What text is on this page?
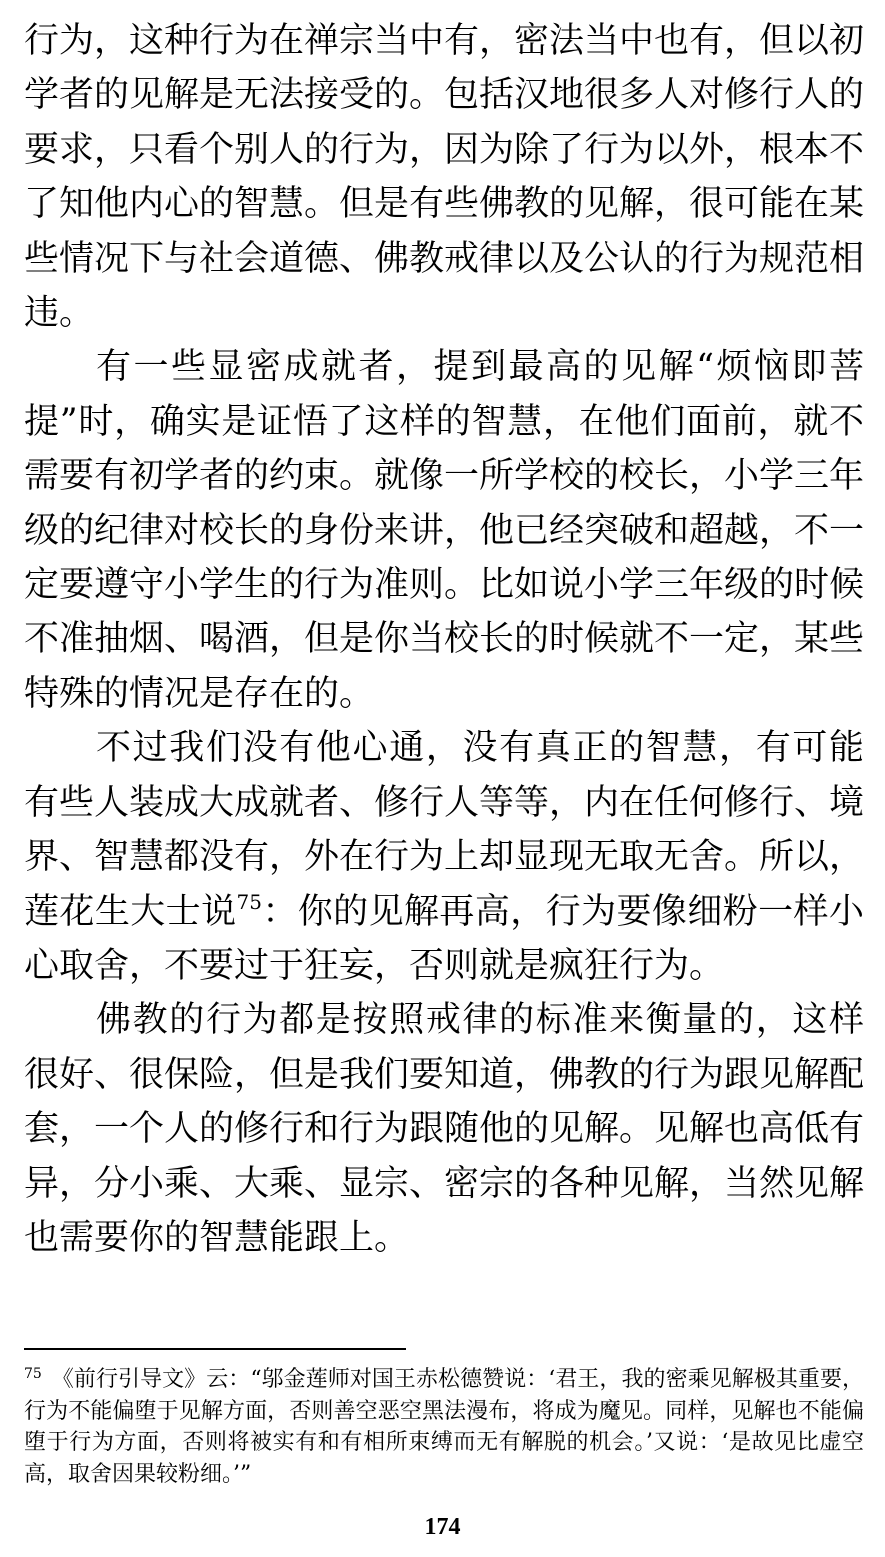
行为，这种行为在禅宗当中有，密法当中也有，但以初学者的见解是无法接受的。包括汉地很多人对修行人的要求，只看个别人的行为，因为除了行为以外，根本不了知他内心的智慧。但是有些佛教的见解，很可能在某些情况下与社会道德、佛教戒律以及公认的行为规范相违。

有一些显密成就者，提到最高的见解“烦恼即菩提”时，确实是证悟了这样的智慧，在他们面前，就不需要有初学者的约束。就像一所学校的校长，小学三年级的纪律对校长的身份来讲，他已经突破和超越，不一定要遵守小学生的行为准则。比如说小学三年级的时候不准抽烟、喝酒，但是你当校长的时候就不一定，某些特殊的情况是存在的。

不过我们没有他心通，没有真正的智慧，有可能有些人装成大成就者、修行人等等，内在任何修行、境界、智慧都没有，外在行为上却显现无取无舍。所以，莲花生大士说$^{75}$：你的见解再高，行为要像细粉一样小心取舍，不要过于狂妄，否则就是疯狂行为。

佛教的行为都是按照戒律的标准来衡量的，这样很好、很保险，但是我们要知道，佛教的行为跟见解配套，一个人的修行和行为跟随他的见解。见解也高低有异，分小乘、大乘、显宗、密宗的各种见解，当然见解也需要你的智慧能跟上。

$^{75}$ 《前行引导文》云：“邬金莲师对国王赤松德赞说：‘君王，我的密乘见解极其重要，行为不能偏堕于见解方面，否则善空恶空黑法漫布，将成为魔见。同样，见解也不能偏堕于行为方面，否则将被实有和有相所束缚而无有解脱的机会。’又说：‘是故见比虚空高，取舍因果较粉细。’”
174
